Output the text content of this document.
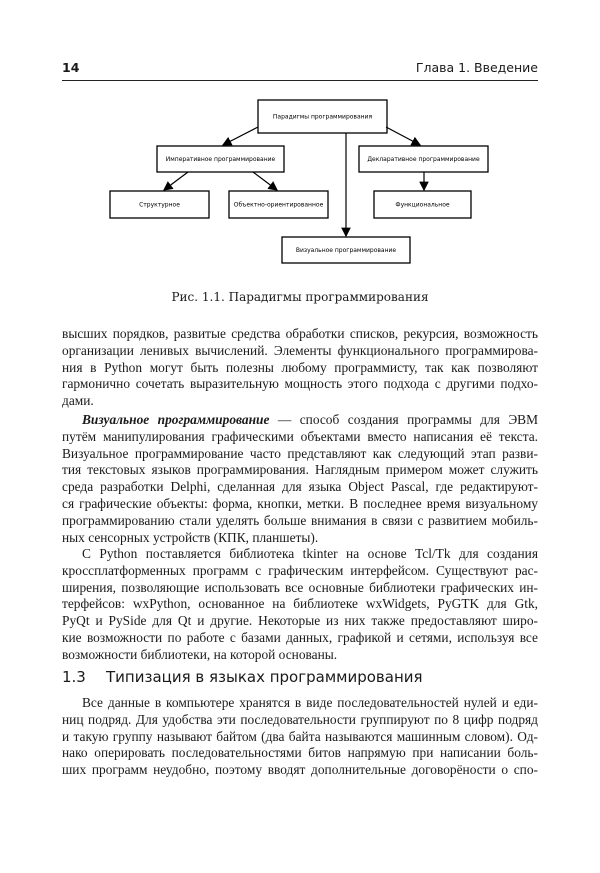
14	Глава 1. Введение
Парадигмы программирования
Императивное программирование	Декларативное программирование
Структурное	Объектно-ориентированное	Функциональное
Визуальное программирование
Рис. 1.1. Парадигмы программирования
высших порядков, развитые средства обработки списков, рекурсия, возможность
организации ленивых вычислений. Элементы функционального программирова-
ния в Python могут быть полезны любому программисту, так как позволяют
гармонично сочетать выразительную мощность этого подхода с другими подхо-
дами.
Визуальное программирование — способ создания программы для ЭВМ
путём манипулирования графическими объектами вместо написания её текста.
Визуальное программирование часто представляют как следующий этап разви-
тия текстовых языков программирования. Наглядным примером может служить
среда разработки Delphi, сделанная для языка Object Pascal, где редактируют-
ся графические объекты: форма, кнопки, метки. В последнее время визуальному
программированию стали уделять больше внимания в связи с развитием мобиль-
ных сенсорных устройств (КПК, планшеты).
С Python поставляется библиотека tkinter на основе Tcl/Tk для создания
кроссплатформенных программ с графическим интерфейсом. Существуют рас-
ширения, позволяющие использовать все основные библиотеки графических ин-
терфейсов: wxPython, основанное на библиотеке wxWidgets, PyGTK для Gtk,
PyQt и PySide для Qt и другие. Некоторые из них также предоставляют широ-
кие возможности по работе с базами данных, графикой и сетями, используя все
возможности библиотеки, на которой основаны.
1.3 Типизация в языках программирования
Все данные в компьютере хранятся в виде последовательностей нулей и еди-
ниц подряд. Для удобства эти последовательности группируют по 8 цифр подряд
и такую группу называют байтом (два байта называются машинным словом). Од-
нако оперировать последовательностями битов напрямую при написании боль-
ших программ неудобно, поэтому вводят дополнительные договорёности о спо-
